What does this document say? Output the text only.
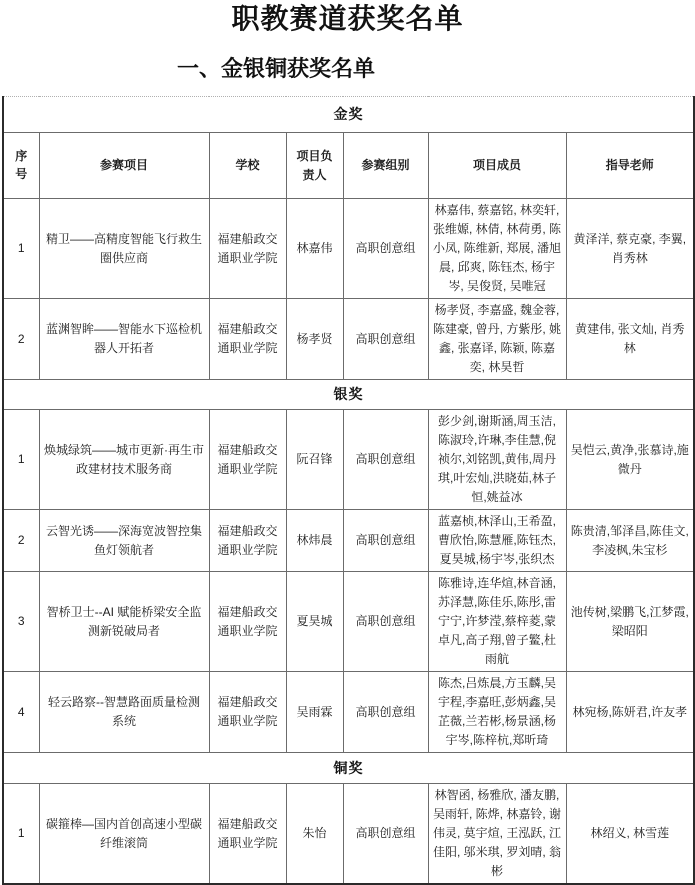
职教赛道获奖名单
一、金银铜获奖名单
金奖						
序号	参赛项目	学校	项目负责人	参赛组别	项目成员	指导老师
1	精卫——高精度智能飞行救生圈供应商	福建船政交通职业学院	林嘉伟	高职创意组	林嘉伟, 蔡嘉铭, 林奕轩, 张维嫄, 林倩, 林荷勇, 陈小凤, 陈维新, 郑展, 潘旭晨, 邱爽, 陈钰杰, 杨宇岑, 吴俊贤, 吴唯冠	黄泽洋, 蔡克豪, 李翼, 肖秀林
2	蓝渊智眸——智能水下巡检机器人开拓者	福建船政交通职业学院	杨孝贤	高职创意组	杨孝贤, 李嘉盛, 魏金蓉, 陈建豪, 曾丹, 方紫彤, 姚鑫, 张嘉译, 陈颖, 陈嘉奕, 林昊哲	黄建伟, 张文灿, 肖秀林
银奖						
1	焕城绿筑——城市更新·再生市政建材技术服务商	福建船政交通职业学院	阮召锋	高职创意组	彭少剑,谢斯涵,周玉洁,陈淑玲,许琳,李佳慧,倪祯尔,刘铭凯,黄伟,周丹琪,叶宏灿,洪晓茹,林子恒,姚益冰	吴恺云,黄净,张慕诗,施微丹
2	云智光诱——深海宽波智控集鱼灯领航者	福建船政交通职业学院	林炜晨	高职创意组	蓝嘉桢,林泽山,王希盈,曹欣怡,陈慧雁,陈钰杰,夏昊城,杨宇岑,张织杰	陈贵清,邹泽昌,陈佳文,李凌枫,朱宝杉
3	智桥卫士--AI 赋能桥梁安全监测新锐破局者	福建船政交通职业学院	夏昊城	高职创意组	陈雅诗,连华煊,林音涵,苏泽慧,陈佳乐,陈彤,雷宁宁,许梦滢,蔡梓菱,蒙卓凡,高子翔,曾子鳘,杜雨航	池传树,梁鹏飞,江梦霞,梁昭阳
4	轻云路察--智慧路面质量检测系统	福建船政交通职业学院	吴雨霖	高职创意组	陈杰,吕炼晨,方玉麟,吴宇程,李嘉旺,彭炳鑫,吴芷薇,兰若彬,杨景涵,杨宇岑,陈梓杭,郑昕琦	林宛杨,陈妍君,许友孝
铜奖						
1	碳箍棒—国内首创高速小型碳纤维滚筒	福建船政交通职业学院	朱怡	高职创意组	林智函, 杨雅欣, 潘友鹏, 吴雨轩, 陈烨, 林嘉铃, 谢伟灵, 莫宇煊, 王泓跃, 江佳阳, 邬米琪, 罗刘晴, 翁彬	林绍义, 林雪莲
